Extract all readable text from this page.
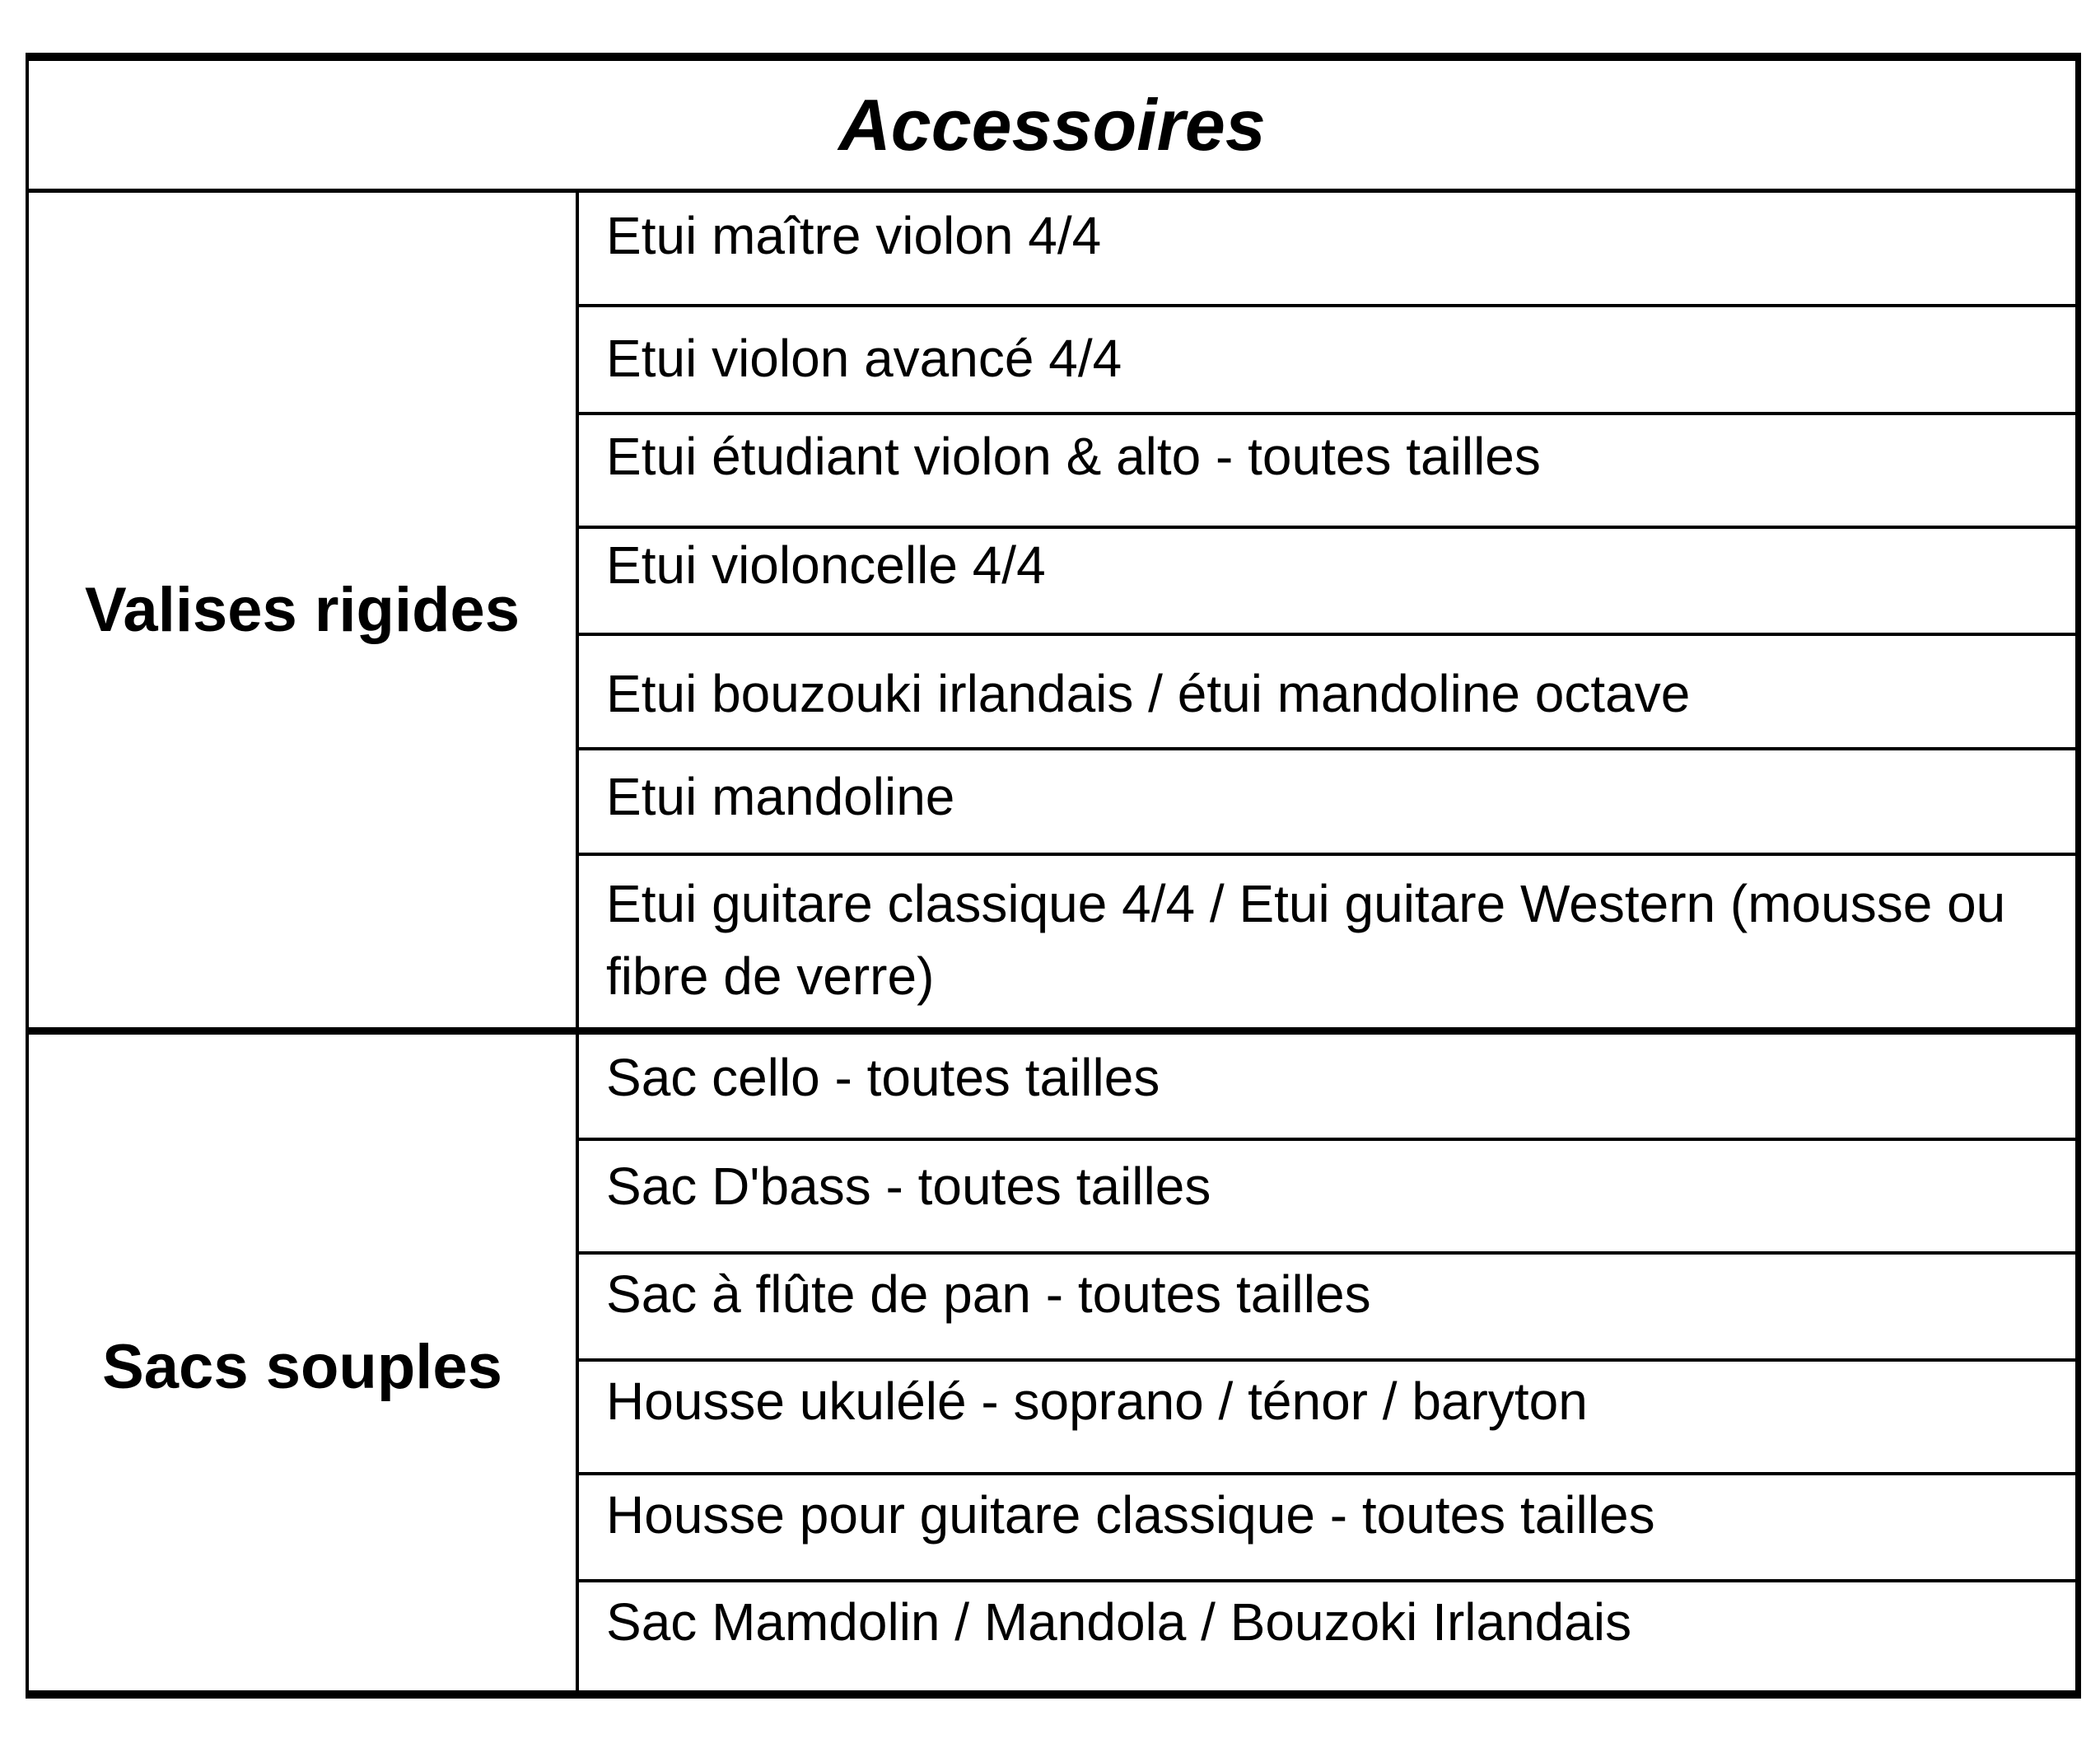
Accessoires
Valises rigides
Etui maître violon 4/4
Etui violon avancé 4/4
Etui étudiant violon & alto - toutes tailles
Etui violoncelle 4/4
Etui bouzouki irlandais / étui mandoline octave
Etui mandoline
Etui guitare classique 4/4 / Etui guitare Western (mousse ou fibre de verre)
Sacs souples
Sac cello - toutes tailles
Sac D'bass - toutes tailles
Sac à flûte de pan - toutes tailles
Housse ukulélé - soprano / ténor / baryton
Housse pour guitare classique - toutes tailles
Sac Mamdolin / Mandola / Bouzoki Irlandais
